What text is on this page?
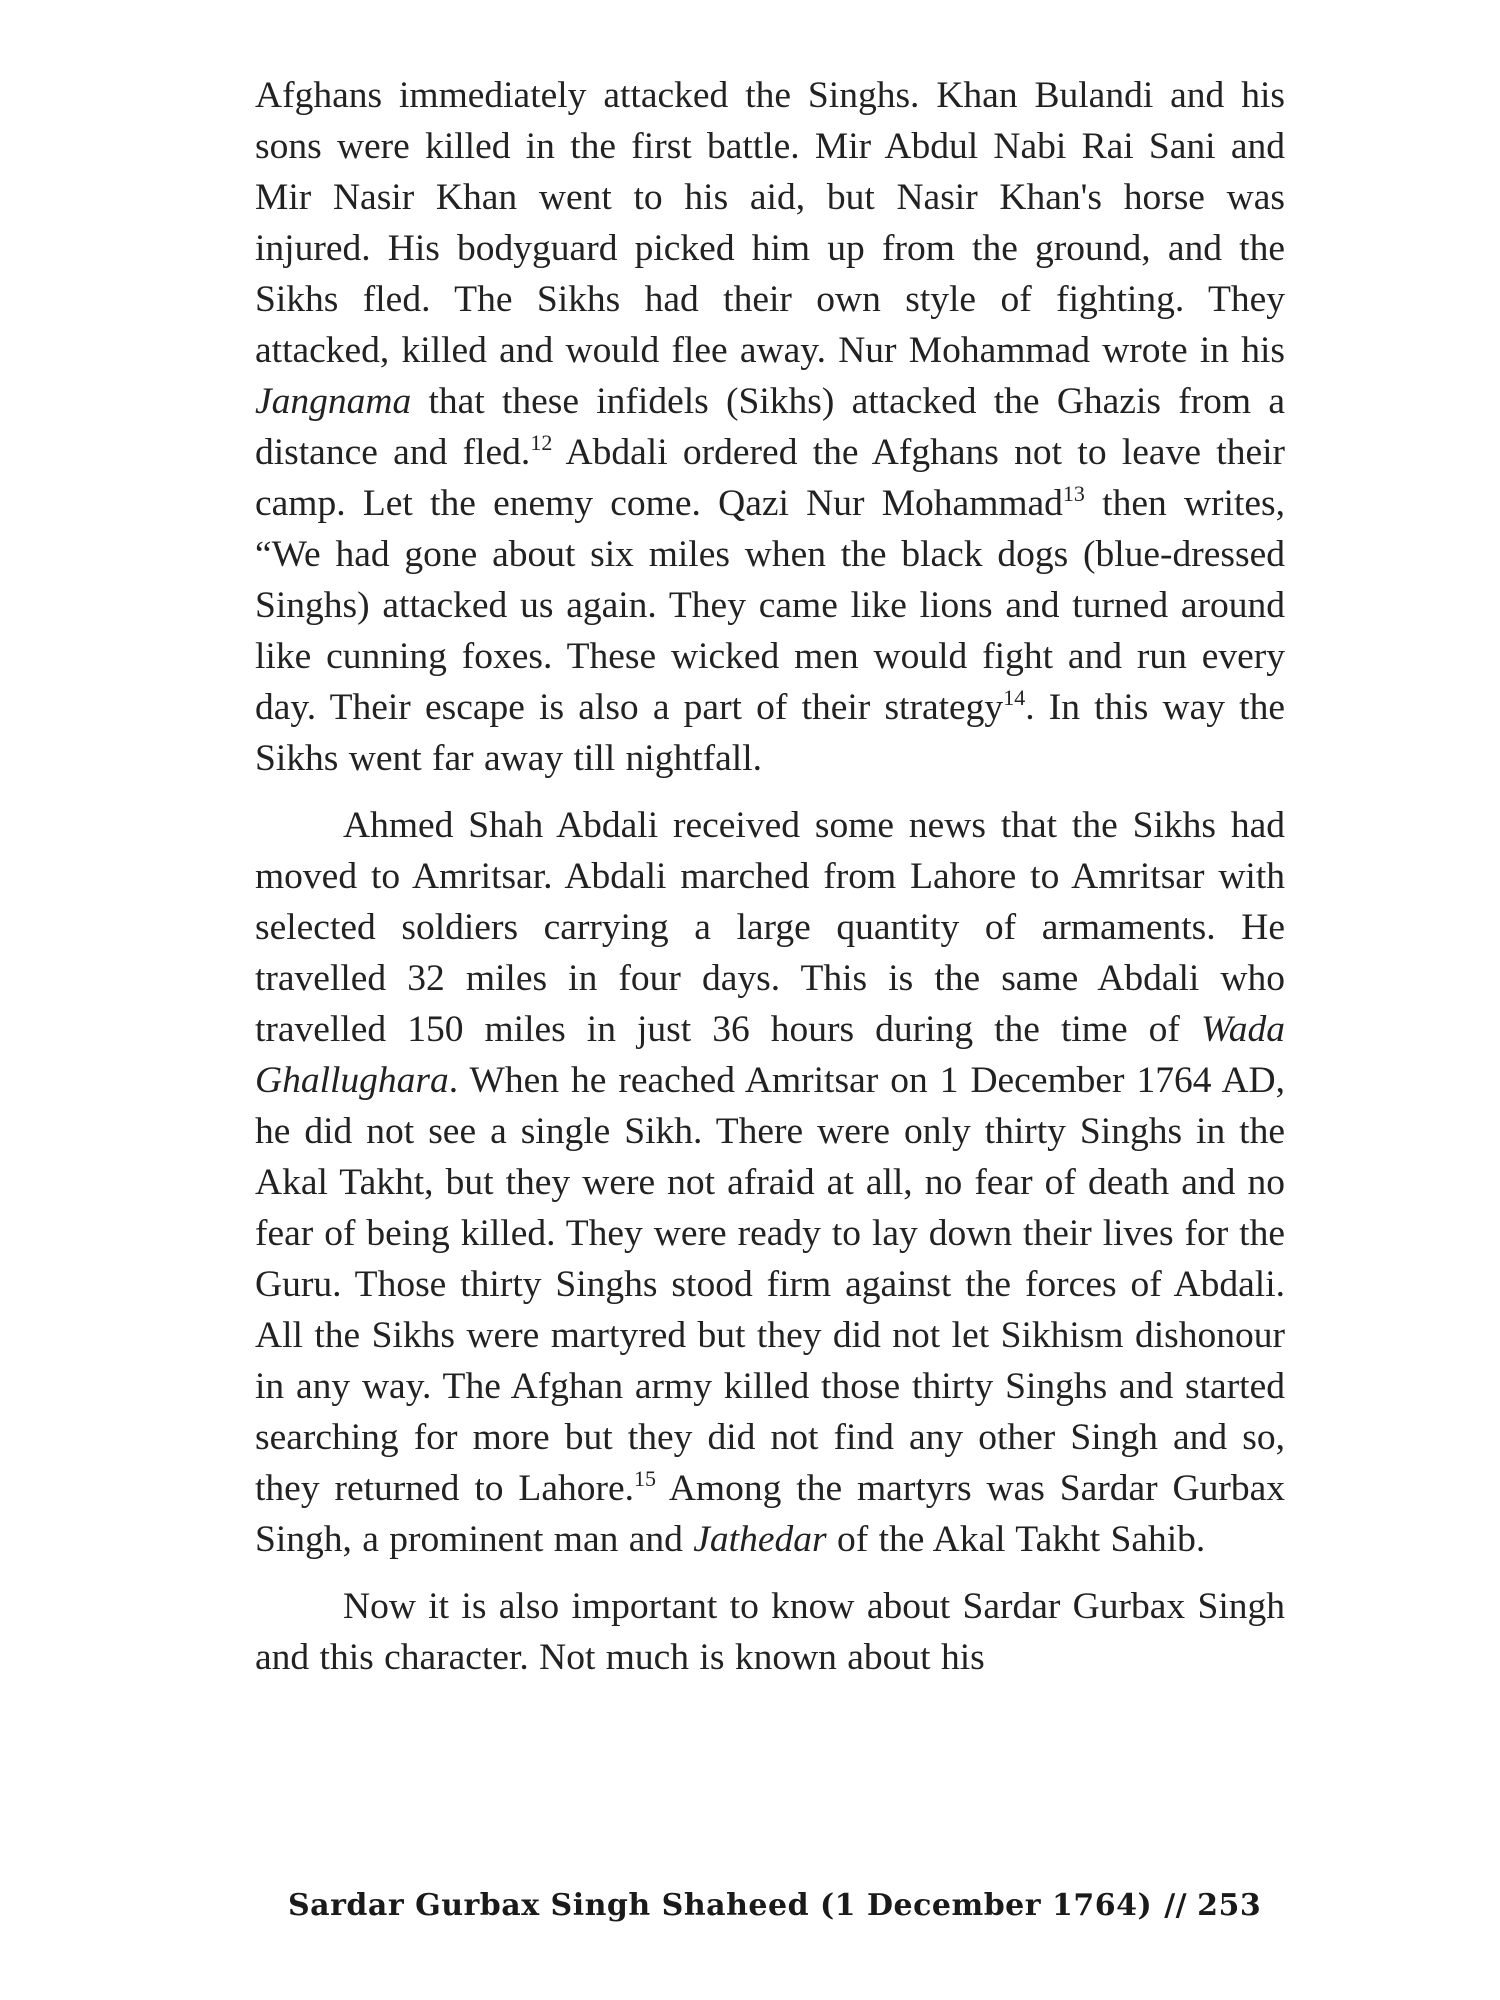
Afghans immediately attacked the Singhs. Khan Bulandi and his sons were killed in the first battle. Mir Abdul Nabi Rai Sani and Mir Nasir Khan went to his aid, but Nasir Khan's horse was injured. His bodyguard picked him up from the ground, and the Sikhs fled. The Sikhs had their own style of fighting. They attacked, killed and would flee away. Nur Mohammad wrote in his Jangnama that these infidels (Sikhs) attacked the Ghazis from a distance and fled.$^{12}$ Abdali ordered the Afghans not to leave their camp. Let the enemy come. Qazi Nur Mohammad$^{13}$ then writes, “We had gone about six miles when the black dogs (blue-dressed Singhs) attacked us again. They came like lions and turned around like cunning foxes. These wicked men would fight and run every day. Their escape is also a part of their strategy$^{14}$. In this way the Sikhs went far away till nightfall.

Ahmed Shah Abdali received some news that the Sikhs had moved to Amritsar. Abdali marched from Lahore to Amritsar with selected soldiers carrying a large quantity of armaments. He travelled 32 miles in four days. This is the same Abdali who travelled 150 miles in just 36 hours during the time of Wada Ghallughara. When he reached Amritsar on 1 December 1764 AD, he did not see a single Sikh. There were only thirty Singhs in the Akal Takht, but they were not afraid at all, no fear of death and no fear of being killed. They were ready to lay down their lives for the Guru. Those thirty Singhs stood firm against the forces of Abdali. All the Sikhs were martyred but they did not let Sikhism dishonour in any way. The Afghan army killed those thirty Singhs and started searching for more but they did not find any other Singh and so, they returned to Lahore.$^{15}$ Among the martyrs was Sardar Gurbax Singh, a prominent man and Jathedar of the Akal Takht Sahib.

Now it is also important to know about Sardar Gurbax Singh and this character. Not much is known about his

Sardar Gurbax Singh Shaheed (1 December 1764) // 253
